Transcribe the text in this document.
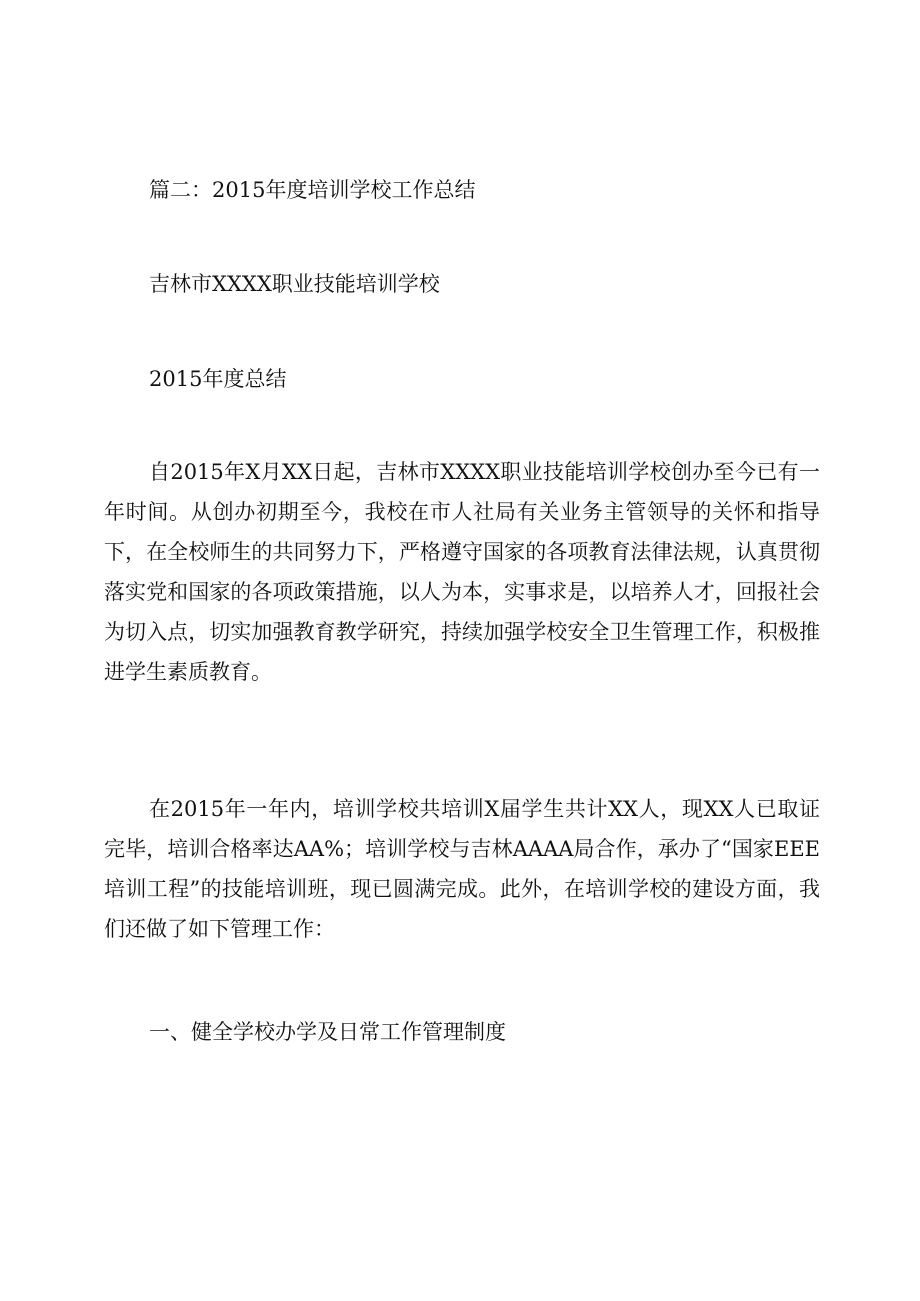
篇二：2015年度培训学校工作总结

吉林市XXXX职业技能培训学校

2015年度总结

自2015年X月XX日起，吉林市XXXX职业技能培训学校创办至今已有一年时间。从创办初期至今，我校在市人社局有关业务主管领导的关怀和指导下，在全校师生的共同努力下，严格遵守国家的各项教育法律法规，认真贯彻落实党和国家的各项政策措施，以人为本，实事求是，以培养人才，回报社会为切入点，切实加强教育教学研究，持续加强学校安全卫生管理工作，积极推进学生素质教育。

在2015年一年内，培训学校共培训X届学生共计XX人，现XX人已取证完毕，培训合格率达AA%；培训学校与吉林AAAA局合作，承办了“国家EEE培训工程”的技能培训班，现已圆满完成。此外，在培训学校的建设方面，我们还做了如下管理工作：

一、健全学校办学及日常工作管理制度
